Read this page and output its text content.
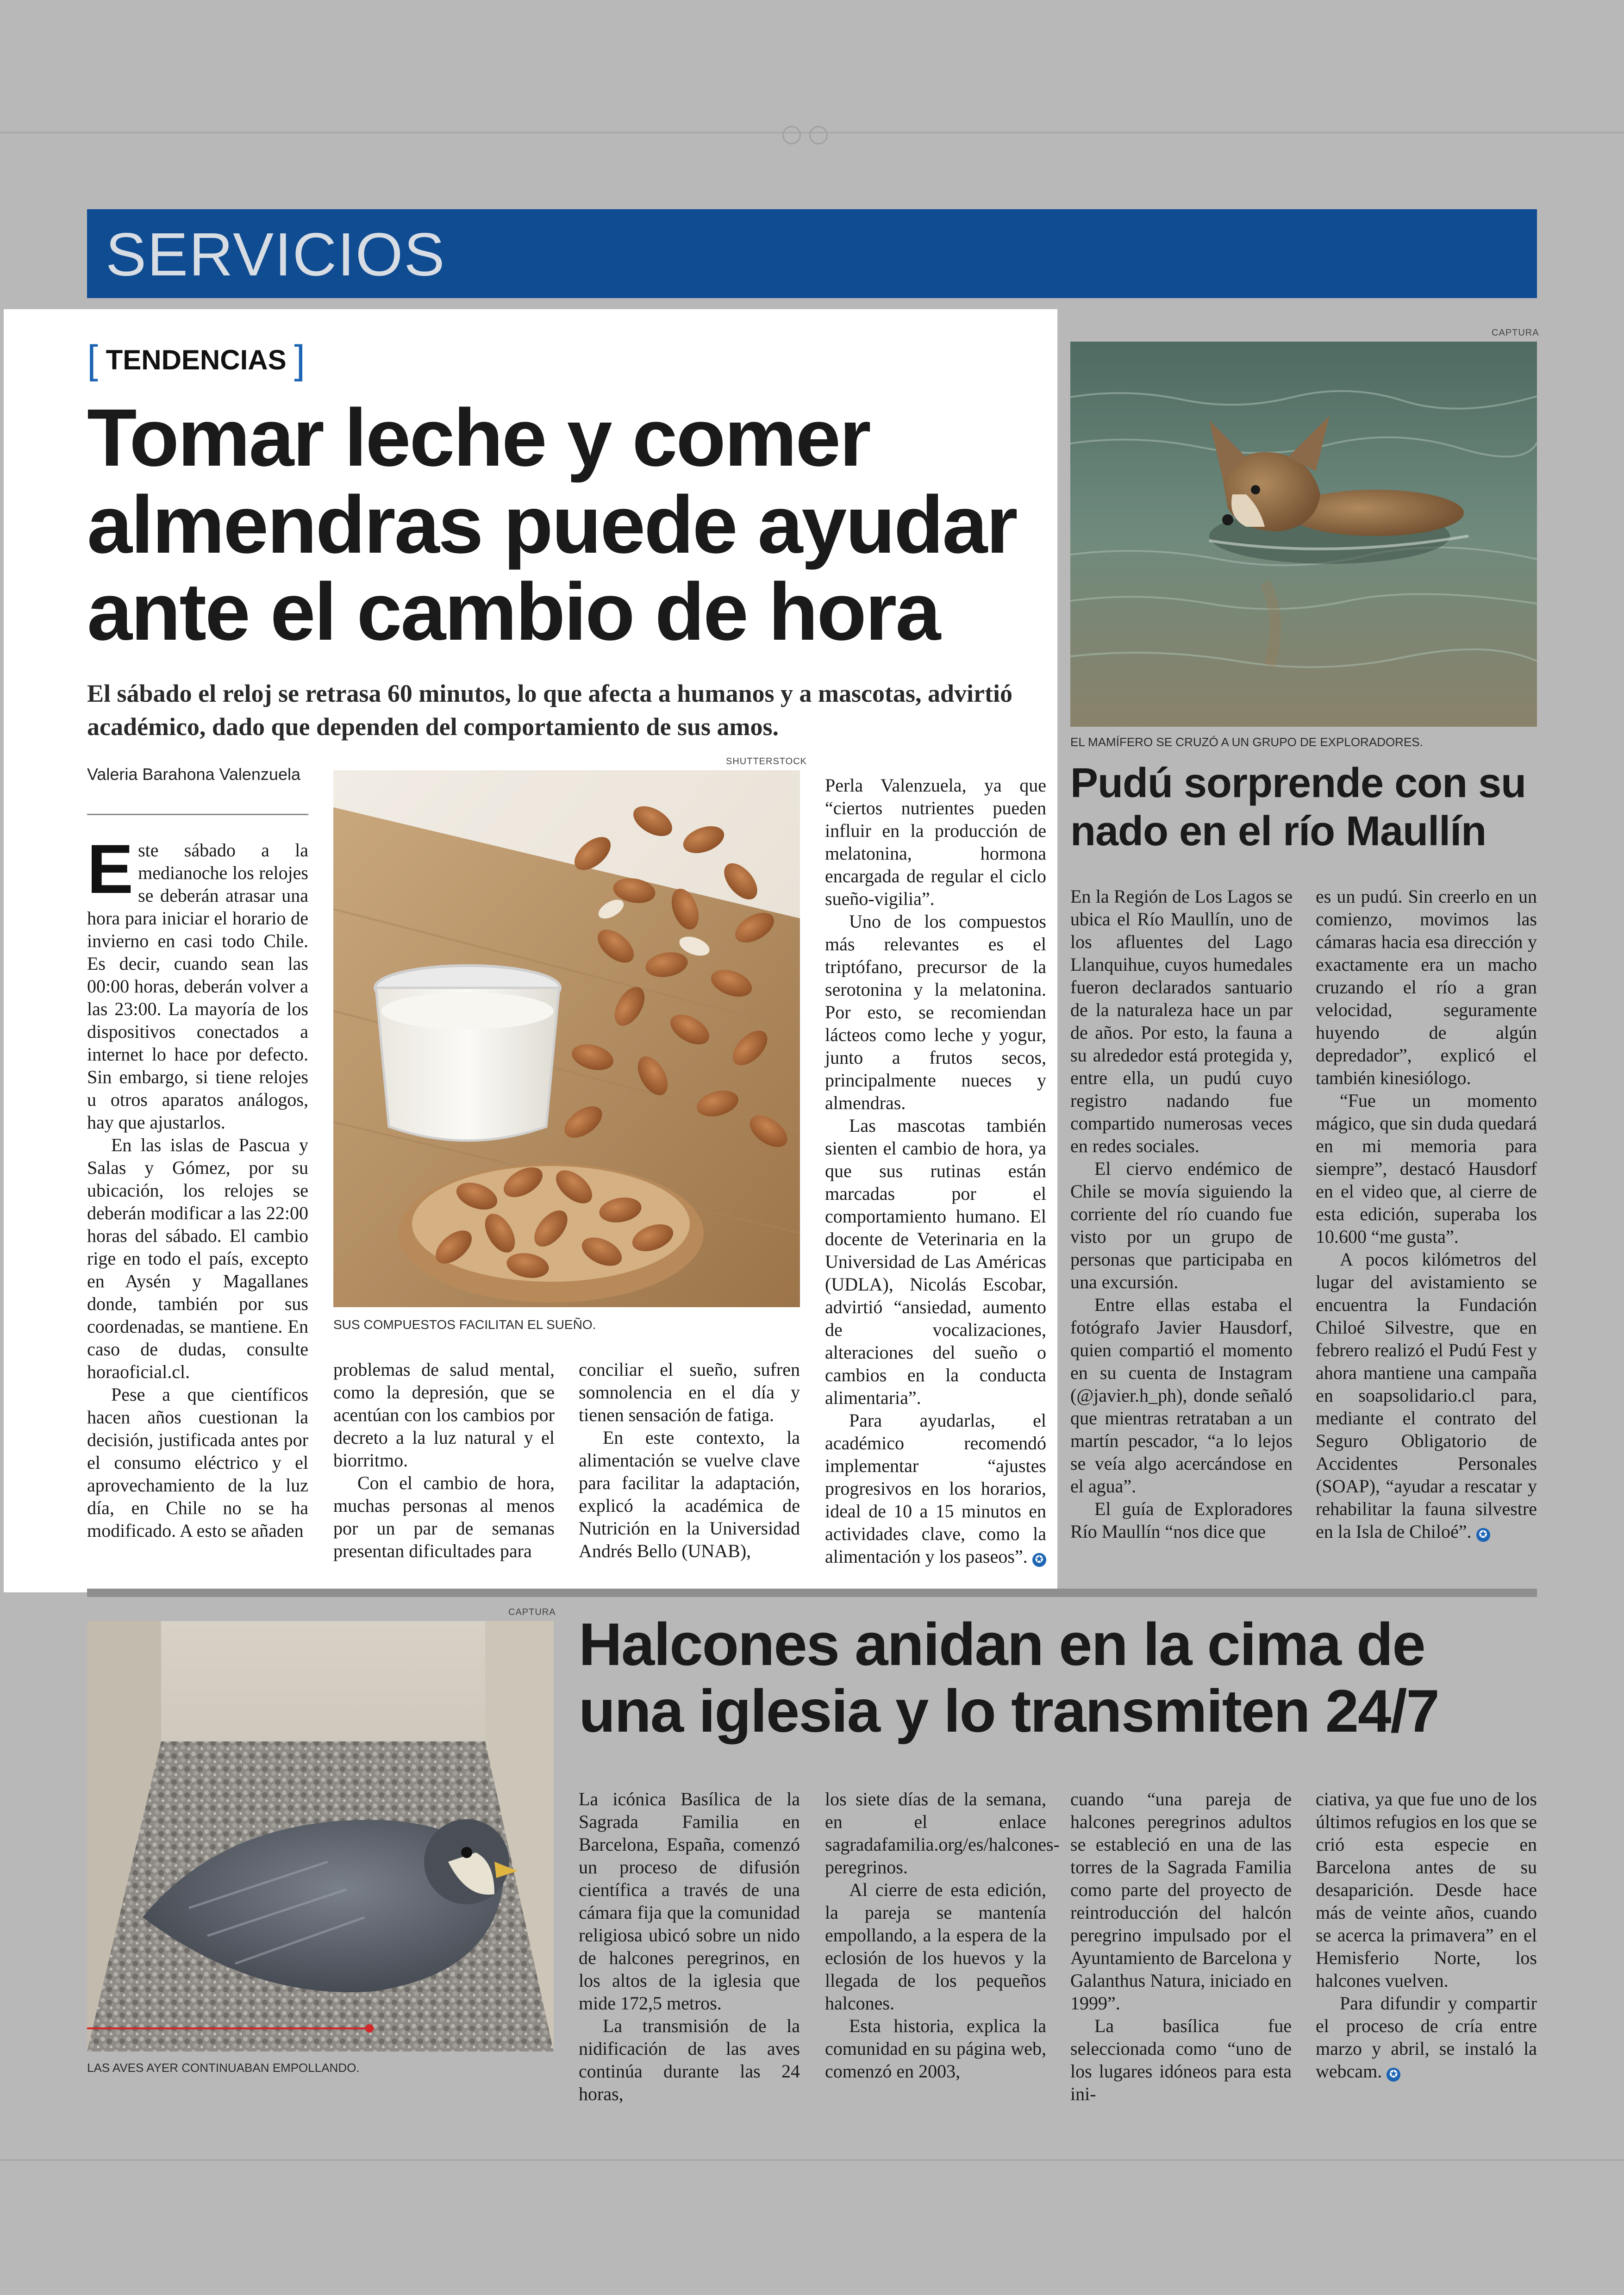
SERVICIOS
[ TENDENCIAS ]
Tomar leche y comer
almendras puede ayudar
ante el cambio de hora
El sábado el reloj se retrasa 60 minutos, lo que afecta a humanos y a mascotas, advirtió académico, dado que dependen del comportamiento de sus amos.
Valeria Barahona Valenzuela
SHUTTERSTOCK
SUS COMPUESTOS FACILITAN EL SUEÑO.

Este sábado a la medianoche los relojes se deberán atrasar una hora para iniciar el horario de invierno en casi todo Chile. Es decir, cuando sean las 00:00 horas, deberán volver a las 23:00. La mayoría de los dispositivos conectados a internet lo hace por defecto. Sin embargo, si tiene relojes u otros aparatos análogos, hay que ajustarlos.

En las islas de Pascua y Salas y Gómez, por su ubicación, los relojes se deberán modificar a las 22:00 horas del sábado. El cambio rige en todo el país, excepto en Aysén y Magallanes donde, también por sus coordenadas, se mantiene. En caso de dudas, consulte horaoficial.cl.

Pese a que científicos hacen años cuestionan la decisión, justificada antes por el consumo eléctrico y el aprovechamiento de la luz día, en Chile no se ha modificado. A esto se añaden

problemas de salud mental, como la depresión, que se acentúan con los cambios por decreto a la luz natural y el biorritmo.

Con el cambio de hora, muchas personas al menos por un par de semanas presentan dificultades para

conciliar el sueño, sufren somnolencia en el día y tienen sensación de fatiga.

En este contexto, la alimentación se vuelve clave para facilitar la adaptación, explicó la académica de Nutrición en la Universidad Andrés Bello (UNAB),

Perla Valenzuela, ya que “ciertos nutrientes pueden influir en la producción de melatonina, hormona encargada de regular el ciclo sueño-vigilia”.

Uno de los compuestos más relevantes es el triptófano, precursor de la serotonina y la melatonina. Por esto, se recomiendan lácteos como leche y yogur, junto a frutos secos, principalmente nueces y almendras.

Las mascotas también sienten el cambio de hora, ya que sus rutinas están marcadas por el comportamiento humano. El docente de Veterinaria en la Universidad de Las Américas (UDLA), Nicolás Escobar, advirtió “ansiedad, aumento de vocalizaciones, alteraciones del sueño o cambios en la conducta alimentaria”.

Para ayudarlas, el académico recomendó implementar “ajustes progresivos en los horarios, ideal de 10 a 15 minutos en actividades clave, como la alimentación y los paseos”. ✪

CAPTURA
EL MAMÍFERO SE CRUZÓ A UN GRUPO DE EXPLORADORES.
Pudú sorprende con su
nado en el río Maullín

En la Región de Los Lagos se ubica el Río Maullín, uno de los afluentes del Lago Llanquihue, cuyos humedales fueron declarados santuario de la naturaleza hace un par de años. Por esto, la fauna a su alrededor está protegida y, entre ella, un pudú cuyo registro nadando fue compartido numerosas veces en redes sociales.

El ciervo endémico de Chile se movía siguiendo la corriente del río cuando fue visto por un grupo de personas que participaba en una excursión.

Entre ellas estaba el fotógrafo Javier Hausdorf, quien compartió el momento en su cuenta de Instagram (@javier.h_ph), donde señaló que mientras retrataban a un martín pescador, “a lo lejos se veía algo acercándose en el agua”.

El guía de Exploradores Río Maullín “nos dice que

es un pudú. Sin creerlo en un comienzo, movimos las cámaras hacia esa dirección y exactamente era un macho cruzando el río a gran velocidad, seguramente huyendo de algún depredador”, explicó el también kinesiólogo.

“Fue un momento mágico, que sin duda quedará en mi memoria para siempre”, destacó Hausdorf en el video que, al cierre de esta edición, superaba los 10.600 “me gusta”.

A pocos kilómetros del lugar del avistamiento se encuentra la Fundación Chiloé Silvestre, que en febrero realizó el Pudú Fest y ahora mantiene una campaña en soapsolidario.cl para, mediante el contrato del Seguro Obligatorio de Accidentes Personales (SOAP), “ayudar a rescatar y rehabilitar la fauna silvestre en la Isla de Chiloé”. ✪

CAPTURA
LAS AVES AYER CONTINUABAN EMPOLLANDO.
Halcones anidan en la cima de
una iglesia y lo transmiten 24/7

La icónica Basílica de la Sagrada Familia en Barcelona, España, comenzó un proceso de difusión científica a través de una cámara fija que la comunidad religiosa ubicó sobre un nido de halcones peregrinos, en los altos de la iglesia que mide 172,5 metros.

La transmisión de la nidificación de las aves continúa durante las 24 horas,

los siete días de la semana, en el enlace sagradafamilia.org/es/halcones-peregrinos.

Al cierre de esta edición, la pareja se mantenía empollando, a la espera de la eclosión de los huevos y la llegada de los pequeños halcones.

Esta historia, explica la comunidad en su página web, comenzó en 2003,

cuando “una pareja de halcones peregrinos adultos se estableció en una de las torres de la Sagrada Familia como parte del proyecto de reintroducción del halcón peregrino impulsado por el Ayuntamiento de Barcelona y Galanthus Natura, iniciado en 1999”.

La basílica fue seleccionada como “uno de los lugares idóneos para esta ini-

ciativa, ya que fue uno de los últimos refugios en los que se crió esta especie en Barcelona antes de su desaparición. Desde hace más de veinte años, cuando se acerca la primavera” en el Hemisferio Norte, los halcones vuelven.

Para difundir y compartir el proceso de cría entre marzo y abril, se instaló la webcam. ✪
